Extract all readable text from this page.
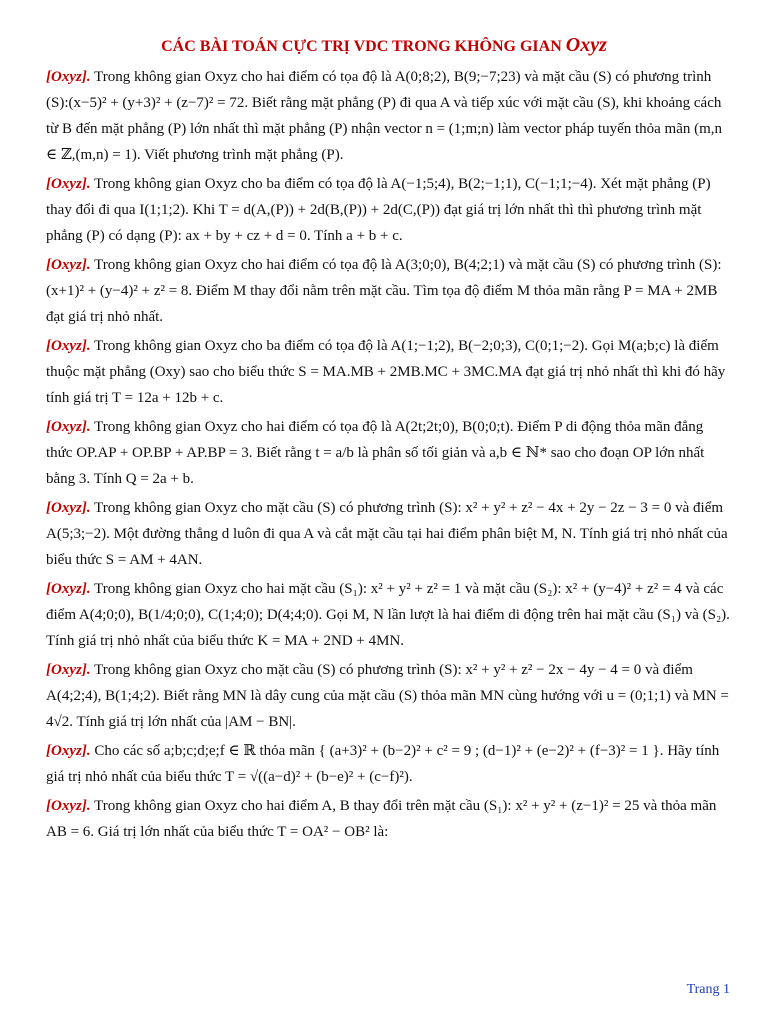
CÁC BÀI TOÁN CỰC TRỊ VDC TRONG KHÔNG GIAN Oxyz

[Oxyz]. Trong không gian Oxyz cho hai điểm có tọa độ là A(0;8;2), B(9;−7;23) và mặt cầu (S) có phương trình (S):(x−5)² + (y+3)² + (z−7)² = 72. Biết rằng mặt phẳng (P) đi qua A và tiếp xúc với mặt cầu (S), khi khoảng cách từ B đến mặt phẳng (P) lớn nhất thì mặt phẳng (P) nhận vector n = (1;m;n) làm vector pháp tuyến thỏa mãn (m,n ∈ ℤ,(m,n) = 1). Viết phương trình mặt phẳng (P).

[Oxyz]. Trong không gian Oxyz cho ba điểm có tọa độ là A(−1;5;4), B(2;−1;1), C(−1;1;−4). Xét mặt phẳng (P) thay đổi đi qua I(1;1;2). Khi T = d(A,(P)) + 2d(B,(P)) + 2d(C,(P)) đạt giá trị lớn nhất thì thì phương trình mặt phẳng (P) có dạng (P): ax + by + cz + d = 0. Tính a + b + c.

[Oxyz]. Trong không gian Oxyz cho hai điểm có tọa độ là A(3;0;0), B(4;2;1) và mặt cầu (S) có phương trình (S):(x+1)² + (y−4)² + z² = 8. Điểm M thay đổi nằm trên mặt cầu. Tìm tọa độ điểm M thỏa mãn rằng P = MA + 2MB đạt giá trị nhỏ nhất.

[Oxyz]. Trong không gian Oxyz cho ba điểm có tọa độ là A(1;−1;2), B(−2;0;3), C(0;1;−2). Gọi M(a;b;c) là điểm thuộc mặt phẳng (Oxy) sao cho biểu thức S = MA.MB + 2MB.MC + 3MC.MA đạt giá trị nhỏ nhất thì khi đó hãy tính giá trị T = 12a + 12b + c.

[Oxyz]. Trong không gian Oxyz cho hai điểm có tọa độ là A(2t;2t;0), B(0;0;t). Điểm P di động thỏa mãn đẳng thức OP.AP + OP.BP + AP.BP = 3. Biết rằng t = a/b là phân số tối giản và a,b ∈ ℕ* sao cho đoạn OP lớn nhất bằng 3. Tính Q = 2a + b.

[Oxyz]. Trong không gian Oxyz cho mặt cầu (S) có phương trình (S): x² + y² + z² − 4x + 2y − 2z − 3 = 0 và điểm A(5;3;−2). Một đường thẳng d luôn đi qua A và cắt mặt cầu tại hai điểm phân biệt M, N. Tính giá trị nhỏ nhất của biểu thức S = AM + 4AN.

[Oxyz]. Trong không gian Oxyz cho hai mặt cầu (S₁): x² + y² + z² = 1 và mặt cầu (S₂): x² + (y−4)² + z² = 4 và các điểm A(4;0;0), B(1/4;0;0), C(1;4;0); D(4;4;0). Gọi M, N lần lượt là hai điểm di động trên hai mặt cầu (S₁) và (S₂). Tính giá trị nhỏ nhất của biểu thức K = MA + 2ND + 4MN.

[Oxyz]. Trong không gian Oxyz cho mặt cầu (S) có phương trình (S): x² + y² + z² − 2x − 4y − 4 = 0 và điểm A(4;2;4), B(1;4;2). Biết rằng MN là dây cung của mặt cầu (S) thỏa mãn MN cùng hướng với u = (0;1;1) và MN = 4√2. Tính giá trị lớn nhất của |AM − BN|.

[Oxyz]. Cho các số a;b;c;d;e;f ∈ ℝ thỏa mãn { (a+3)² + (b−2)² + c² = 9 ; (d−1)² + (e−2)² + (f−3)² = 1 }. Hãy tính giá trị nhỏ nhất của biểu thức T = √((a−d)² + (b−e)² + (c−f)²).

[Oxyz]. Trong không gian Oxyz cho hai điểm A, B thay đổi trên mặt cầu (S₁): x² + y² + (z−1)² = 25 và thỏa mãn AB = 6. Giá trị lớn nhất của biểu thức T = OA² − OB² là:

Trang 1
